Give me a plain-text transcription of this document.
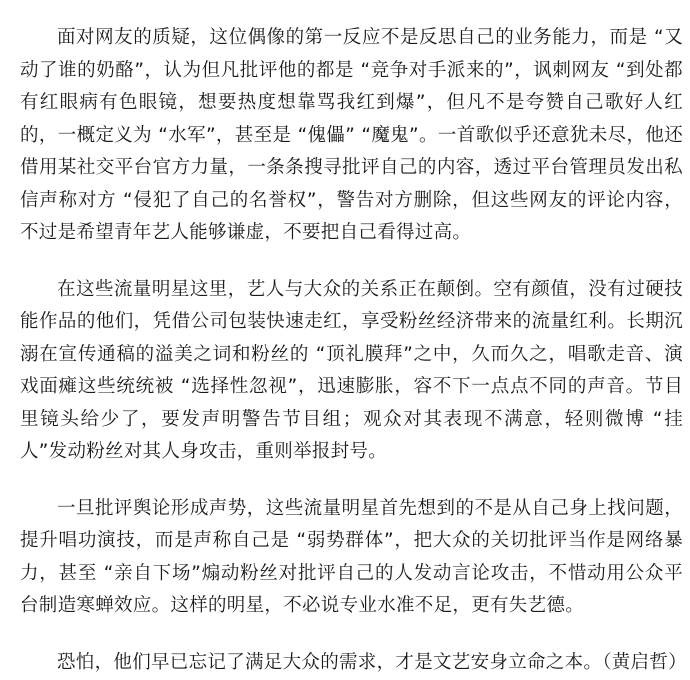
面对网友的质疑，这位偶像的第一反应不是反思自己的业务能力，而是 “又动了谁的奶酪”，认为但凡批评他的都是 “竞争对手派来的”，讽刺网友 “到处都有红眼病有色眼镜，想要热度想靠骂我红到爆”，但凡不是夸赞自己歌好人红的，一概定义为 “水军”，甚至是 “傀儡” “魔鬼”。一首歌似乎还意犹未尽，他还借用某社交平台官方力量，一条条搜寻批评自己的内容，透过平台管理员发出私信声称对方 “侵犯了自己的名誉权”，警告对方删除，但这些网友的评论内容，不过是希望青年艺人能够谦虚，不要把自己看得过高。

在这些流量明星这里，艺人与大众的关系正在颠倒。空有颜值，没有过硬技能作品的他们，凭借公司包装快速走红，享受粉丝经济带来的流量红利。长期沉溺在宣传通稿的溢美之词和粉丝的 “顶礼膜拜”之中，久而久之，唱歌走音、演戏面瘫这些统统被 “选择性忽视”，迅速膨胀，容不下一点点不同的声音。节目里镜头给少了，要发声明警告节目组；观众对其表现不满意，轻则微博 “挂人”发动粉丝对其人身攻击，重则举报封号。

一旦批评舆论形成声势，这些流量明星首先想到的不是从自己身上找问题，提升唱功演技，而是声称自己是 “弱势群体”，把大众的关切批评当作是网络暴力，甚至 “亲自下场”煽动粉丝对批评自己的人发动言论攻击，不惜动用公众平台制造寒蝉效应。这样的明星，不必说专业水准不足，更有失艺德。

恐怕，他们早已忘记了满足大众的需求，才是文艺安身立命之本。（黄启哲）
